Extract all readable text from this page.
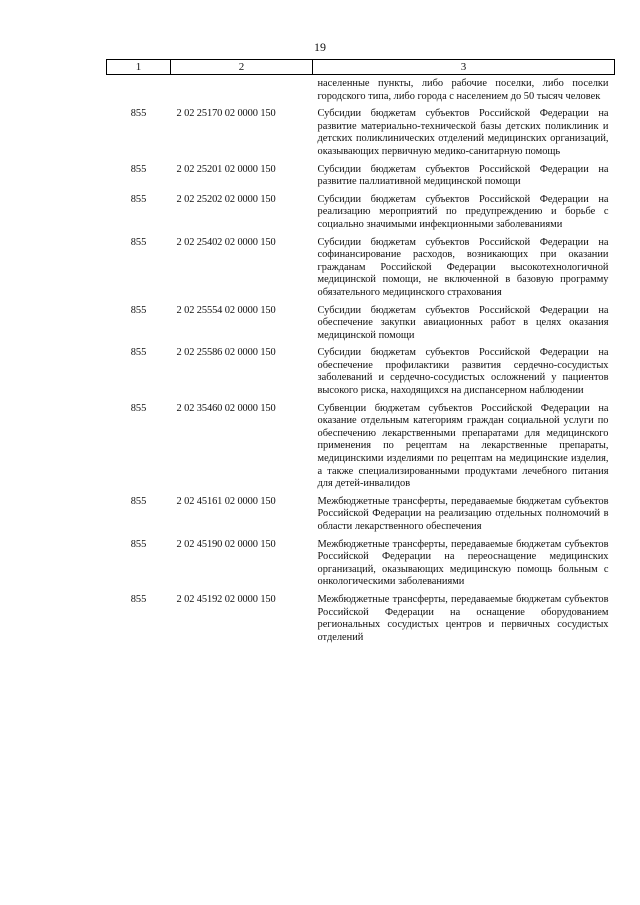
19
1	2	3
		населенные пункты, либо рабочие поселки, либо поселки городского типа, либо города с населением до 50 тысяч человек
855	2 02 25170 02 0000 150	Субсидии бюджетам субъектов Российской Федерации на развитие материально-технической базы детских поликлиник и детских поликлинических отделений медицинских организаций, оказывающих первичную медико-санитарную помощь
855	2 02 25201 02 0000 150	Субсидии бюджетам субъектов Российской Федерации на развитие паллиативной медицинской помощи
855	2 02 25202 02 0000 150	Субсидии бюджетам субъектов Российской Федерации на реализацию мероприятий по предупреждению и борьбе с социально значимыми инфекционными заболеваниями
855	2 02 25402 02 0000 150	Субсидии бюджетам субъектов Российской Федерации на софинансирование расходов, возникающих при оказании гражданам Российской Федерации высокотехнологичной медицинской помощи, не включенной в базовую программу обязательного медицинского страхования
855	2 02 25554 02 0000 150	Субсидии бюджетам субъектов Российской Федерации на обеспечение закупки авиационных работ в целях оказания медицинской помощи
855	2 02 25586 02 0000 150	Субсидии бюджетам субъектов Российской Федерации на обеспечение профилактики развития сердечно-сосудистых заболеваний и сердечно-сосудистых осложнений у пациентов высокого риска, находящихся на диспансерном наблюдении
855	2 02 35460 02 0000 150	Субвенции бюджетам субъектов Российской Федерации на оказание отдельным категориям граждан социальной услуги по обеспечению лекарственными препаратами для медицинского применения по рецептам на лекарственные препараты, медицинскими изделиями по рецептам на медицинские изделия, а также специализированными продуктами лечебного питания для детей-инвалидов
855	2 02 45161 02 0000 150	Межбюджетные трансферты, передаваемые бюджетам субъектов Российской Федерации на реализацию отдельных полномочий в области лекарственного обеспечения
855	2 02 45190 02 0000 150	Межбюджетные трансферты, передаваемые бюджетам субъектов Российской Федерации на переоснащение медицинских организаций, оказывающих медицинскую помощь больным с онкологическими заболеваниями
855	2 02 45192 02 0000 150	Межбюджетные трансферты, передаваемые бюджетам субъектов Российской Федерации на оснащение оборудованием региональных сосудистых центров и первичных сосудистых отделений
